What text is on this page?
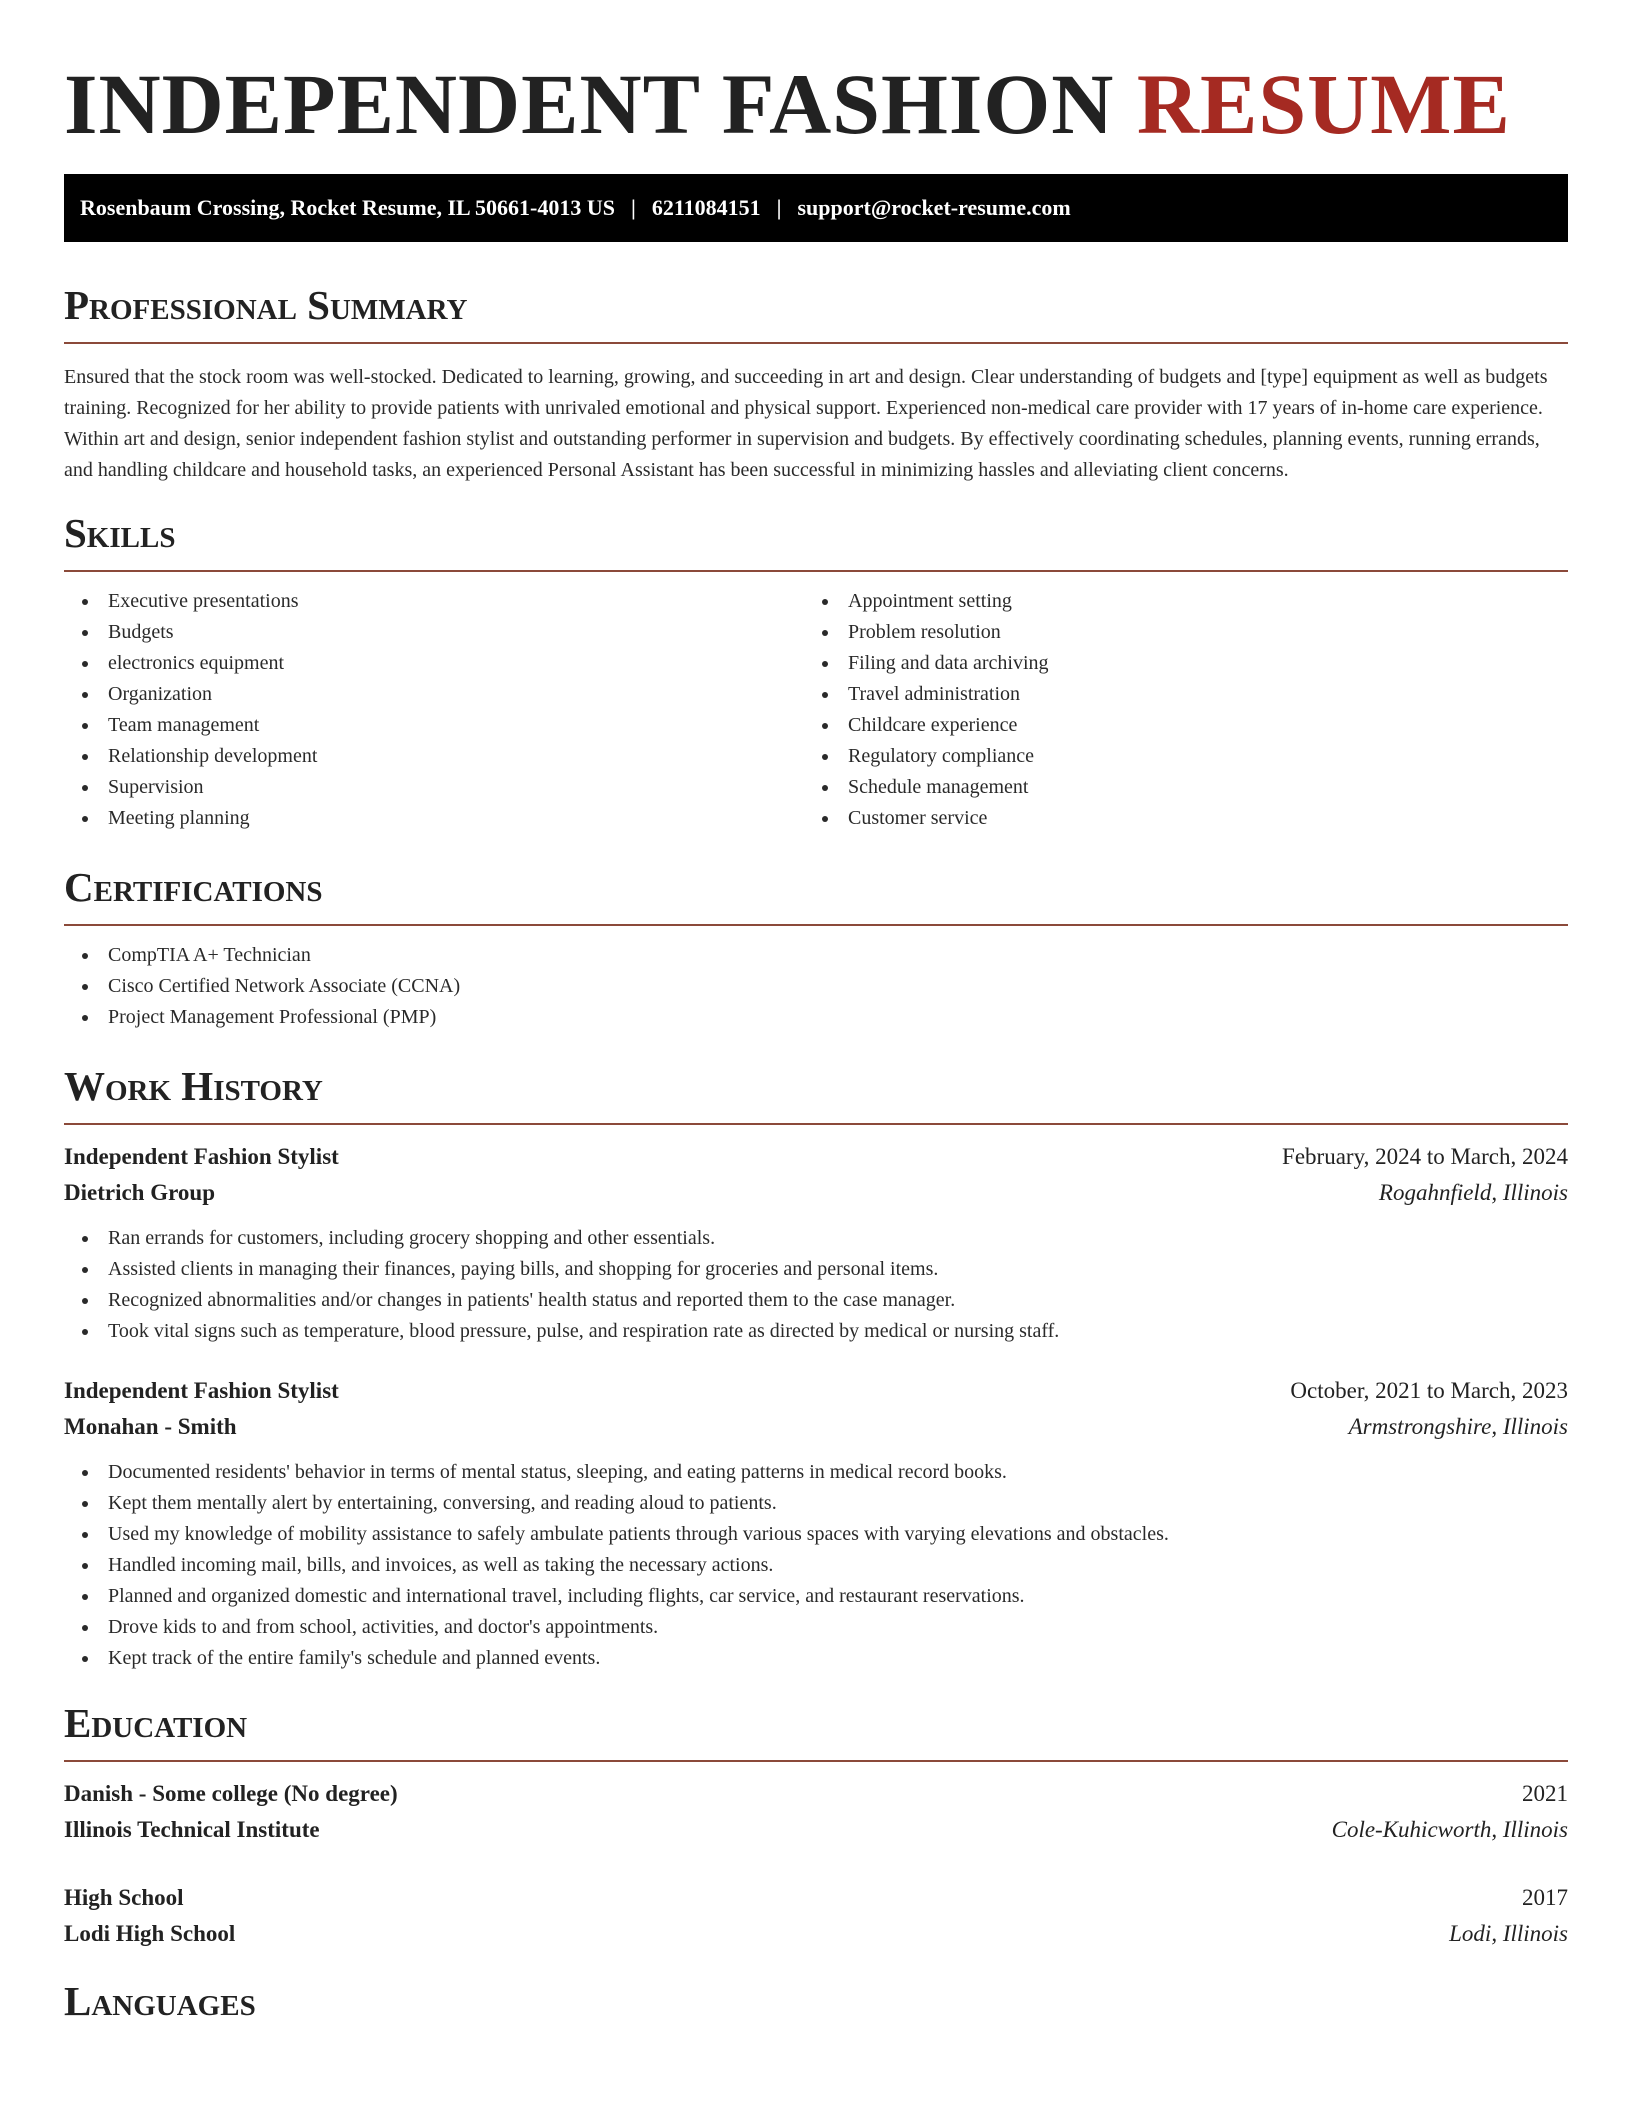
INDEPENDENT FASHION RESUME
Rosenbaum Crossing, Rocket Resume, IL 50661-4013 US | 6211084151 | support@rocket-resume.com
Professional Summary

Ensured that the stock room was well-stocked. Dedicated to learning, growing, and succeeding in art and design. Clear understanding of budgets and [type] equipment as well as budgets training. Recognized for her ability to provide patients with unrivaled emotional and physical support. Experienced non-medical care provider with 17 years of in-home care experience. Within art and design, senior independent fashion stylist and outstanding performer in supervision and budgets. By effectively coordinating schedules, planning events, running errands, and handling childcare and household tasks, an experienced Personal Assistant has been successful in minimizing hassles and alleviating client concerns.

Skills
Executive presentations
Budgets
electronics equipment
Organization
Team management
Relationship development
Supervision
Meeting planning
Appointment setting
Problem resolution
Filing and data archiving
Travel administration
Childcare experience
Regulatory compliance
Schedule management
Customer service
Certifications
CompTIA A+ Technician
Cisco Certified Network Associate (CCNA)
Project Management Professional (PMP)
Work History
Independent Fashion Stylist	February, 2024 to March, 2024
Dietrich Group	Rogahnfield, Illinois
Ran errands for customers, including grocery shopping and other essentials.
Assisted clients in managing their finances, paying bills, and shopping for groceries and personal items.
Recognized abnormalities and/or changes in patients' health status and reported them to the case manager.
Took vital signs such as temperature, blood pressure, pulse, and respiration rate as directed by medical or nursing staff.
Independent Fashion Stylist	October, 2021 to March, 2023
Monahan - Smith	Armstrongshire, Illinois
Documented residents' behavior in terms of mental status, sleeping, and eating patterns in medical record books.
Kept them mentally alert by entertaining, conversing, and reading aloud to patients.
Used my knowledge of mobility assistance to safely ambulate patients through various spaces with varying elevations and obstacles.
Handled incoming mail, bills, and invoices, as well as taking the necessary actions.
Planned and organized domestic and international travel, including flights, car service, and restaurant reservations.
Drove kids to and from school, activities, and doctor's appointments.
Kept track of the entire family's schedule and planned events.
Education
Danish - Some college (No degree)	2021
Illinois Technical Institute	Cole-Kuhicworth, Illinois
High School	2017
Lodi High School	Lodi, Illinois
Languages
